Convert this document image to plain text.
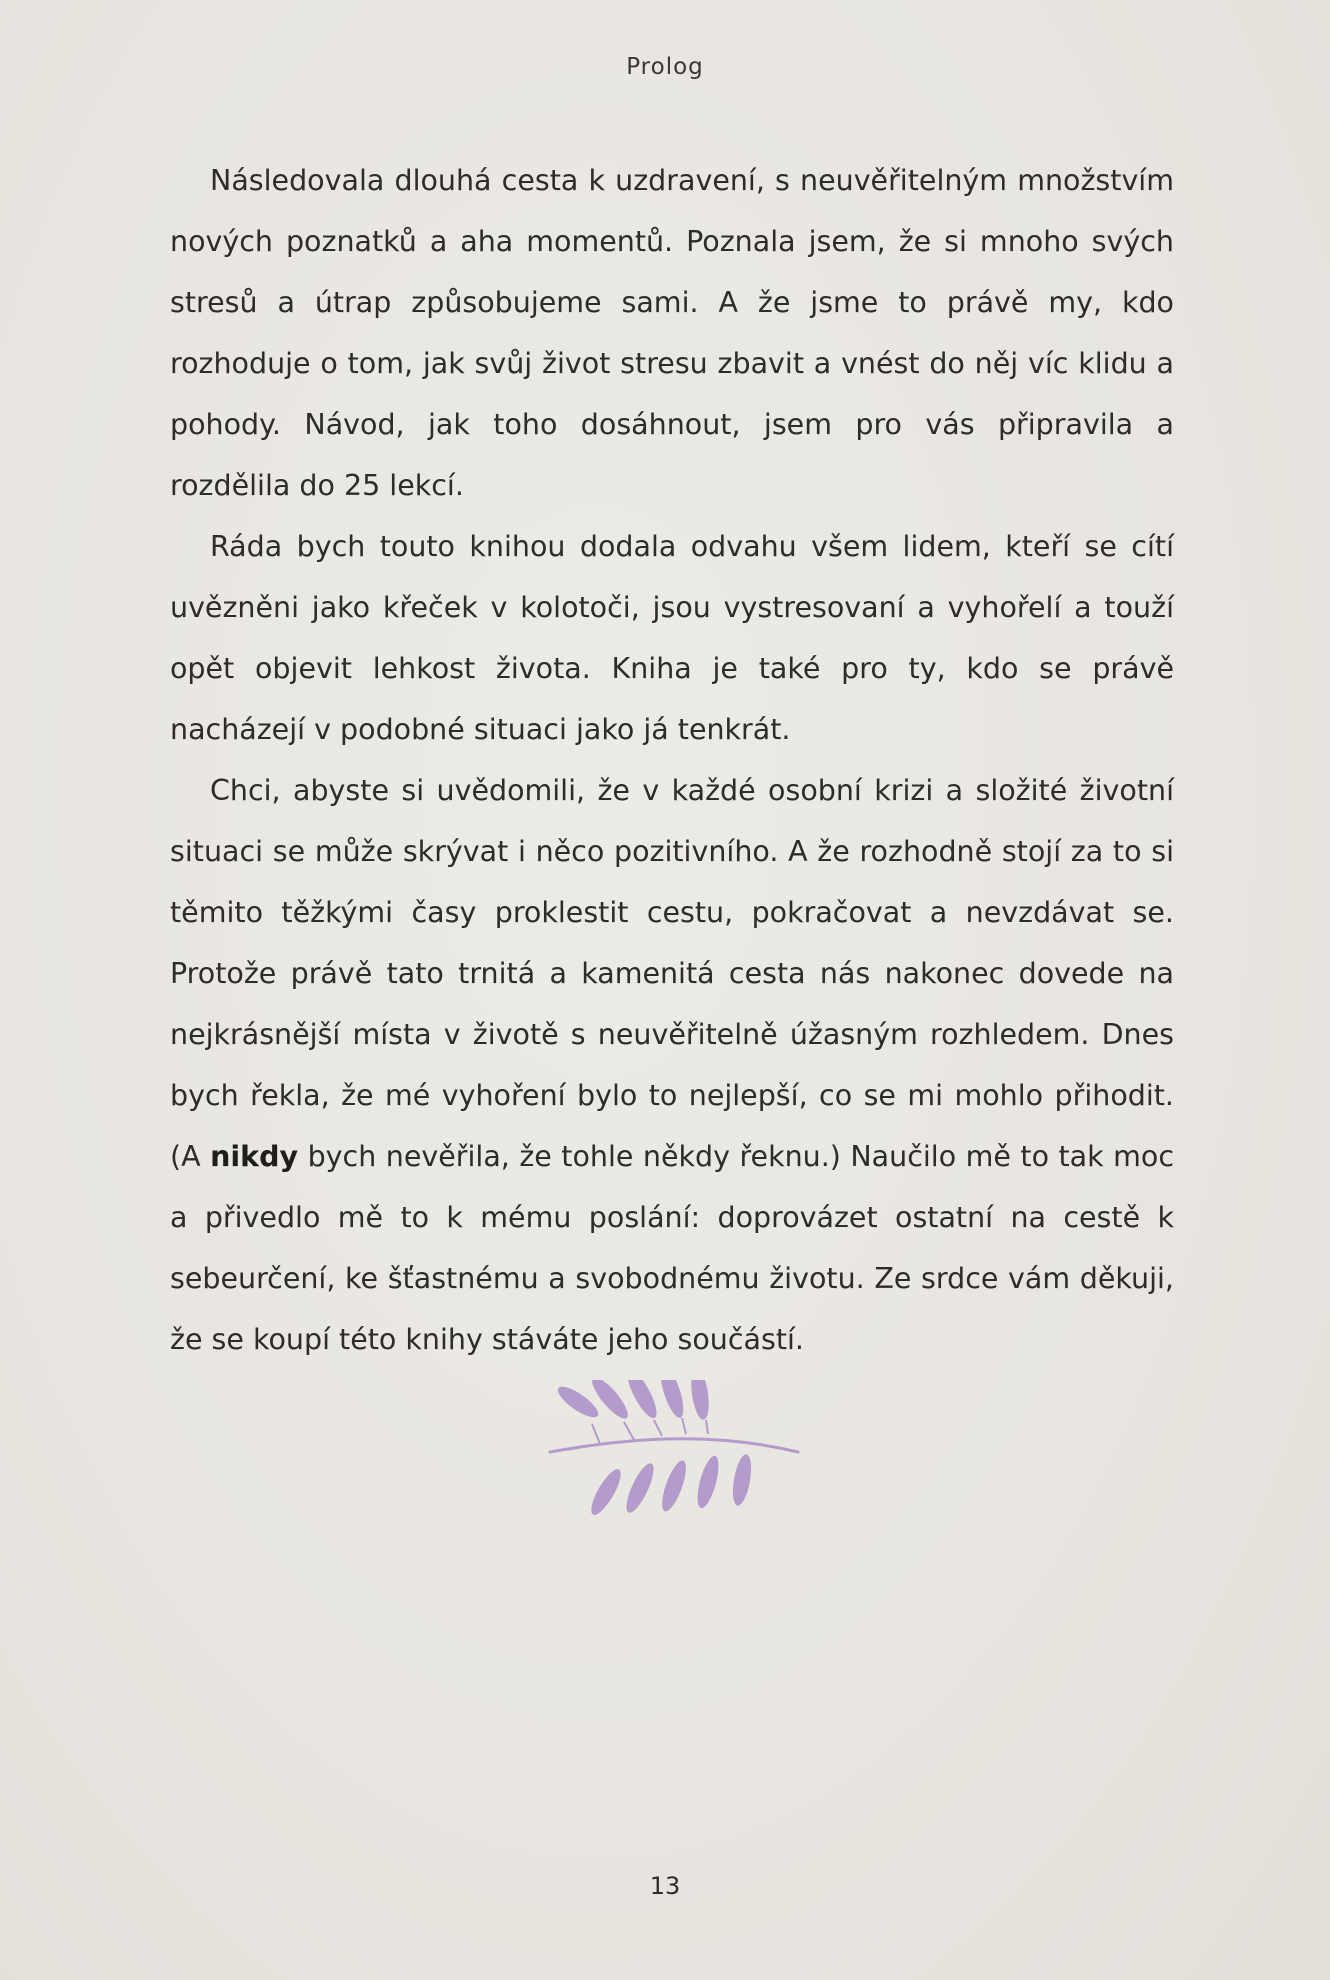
Prolog

Následovala dlouhá cesta k uzdravení, s neuvěřitelným množstvím nových poznatků a aha momentů. Poznala jsem, že si mnoho svých stresů a útrap způsobujeme sami. A že jsme to právě my, kdo rozhoduje o tom, jak svůj život stresu zbavit a vnést do něj víc klidu a pohody. Návod, jak toho dosáhnout, jsem pro vás připravila a rozdělila do 25 lekcí.

Ráda bych touto knihou dodala odvahu všem lidem, kteří se cítí uvězněni jako křeček v kolotoči, jsou vystresovaní a vyhořelí a touží opět objevit lehkost života. Kniha je také pro ty, kdo se právě nacházejí v podobné situaci jako já tenkrát.

Chci, abyste si uvědomili, že v každé osobní krizi a složité životní situaci se může skrývat i něco pozitivního. A že rozhodně stojí za to si těmito těžkými časy proklestit cestu, pokračovat a nevzdávat se. Protože právě tato trnitá a kamenitá cesta nás nakonec dovede na nejkrásnější místa v životě s neuvěřitelně úžasným rozhledem. Dnes bych řekla, že mé vyhoření bylo to nejlepší, co se mi mohlo přihodit. (A nikdy bych nevěřila, že tohle někdy řeknu.) Naučilo mě to tak moc a přivedlo mě to k mému poslání: doprovázet ostatní na cestě k sebeurčení, ke šťastnému a svobodnému životu. Ze srdce vám děkuji, že se koupí této knihy stáváte jeho součástí.

13
